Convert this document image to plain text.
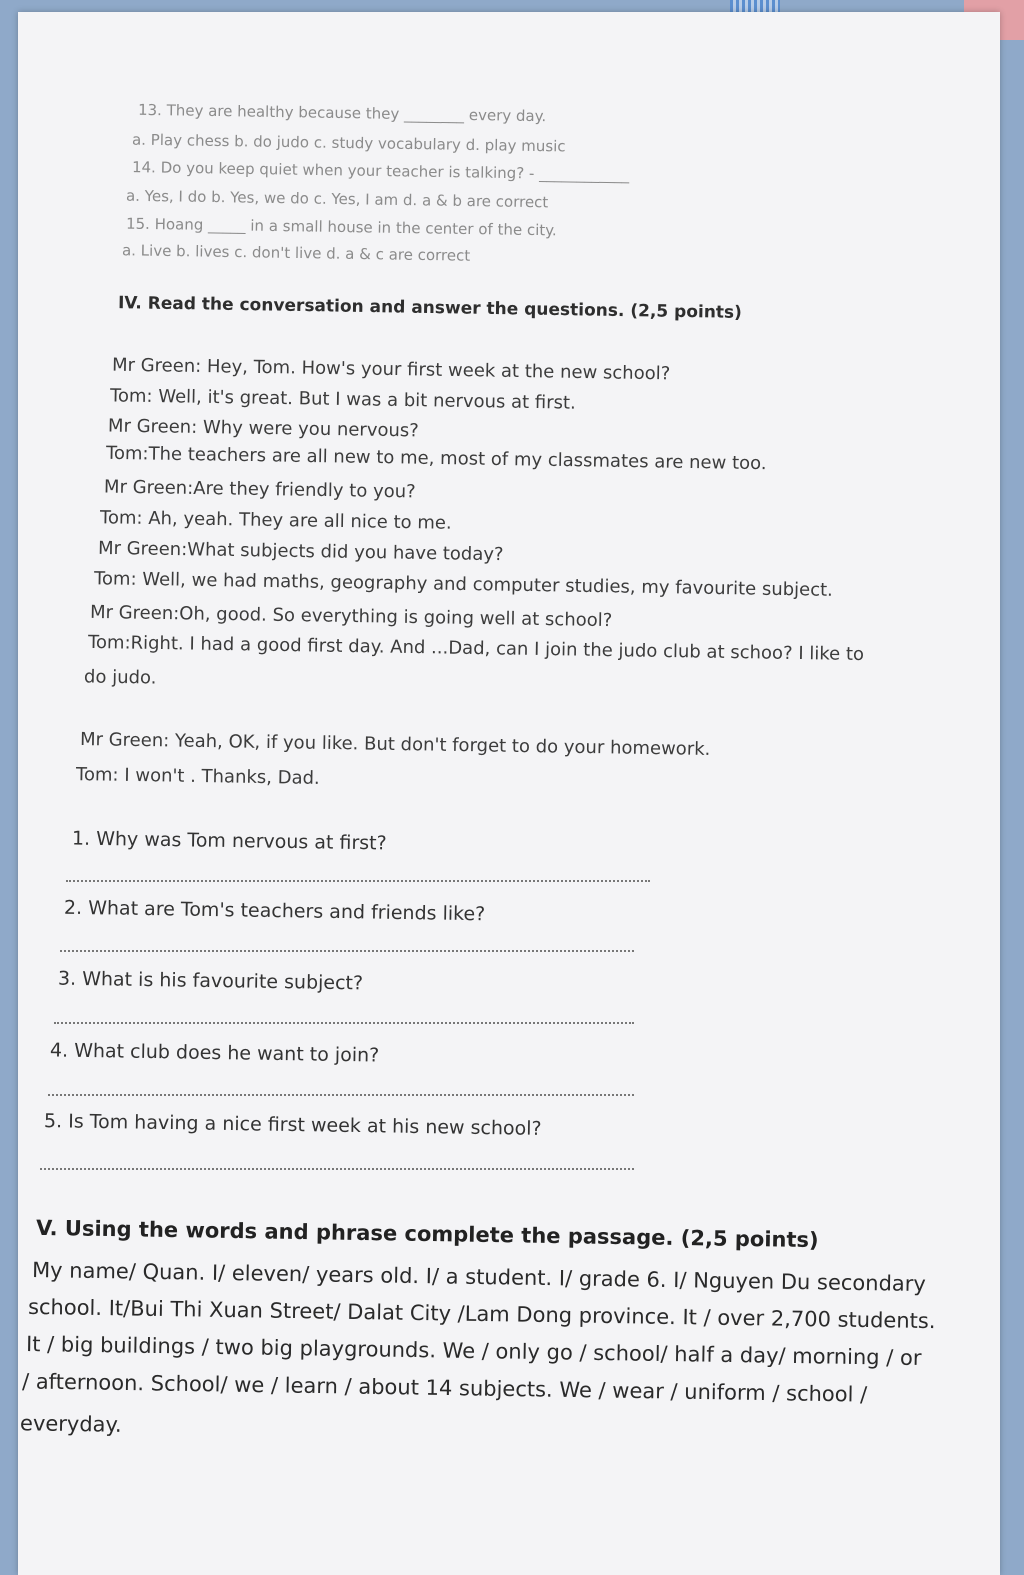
13. They are healthy because they ________ every day.
a. Play chess b. do judo c. study vocabulary d. play music
14. Do you keep quiet when your teacher is talking? - ____________
a. Yes, I do b. Yes, we do c. Yes, I am d. a & b are correct
15. Hoang _____ in a small house in the center of the city.
a. Live b. lives c. don't live d. a & c are correct
IV. Read the conversation and answer the questions. (2,5 points)
Mr Green: Hey, Tom. How's your first week at the new school?
Tom: Well, it's great. But I was a bit nervous at first.
Mr Green: Why were you nervous?
Tom:The teachers are all new to me, most of my classmates are new too.
Mr Green:Are they friendly to you?
Tom: Ah, yeah. They are all nice to me.
Mr Green:What subjects did you have today?
Tom: Well, we had maths, geography and computer studies, my favourite subject.
Mr Green:Oh, good. So everything is going well at school?
Tom:Right. I had a good first day. And ...Dad, can I join the judo club at schoo? I like to
do judo.
Mr Green: Yeah, OK, if you like. But don't forget to do your homework.
Tom: I won't . Thanks, Dad.
1. Why was Tom nervous at first?
2. What are Tom's teachers and friends like?
3. What is his favourite subject?
4. What club does he want to join?
5. Is Tom having a nice first week at his new school?
V. Using the words and phrase complete the passage. (2,5 points)
My name/ Quan. I/ eleven/ years old. I/ a student. I/ grade 6. I/ Nguyen Du secondary
school. It/Bui Thi Xuan Street/ Dalat City /Lam Dong province. It / over 2,700 students.
It / big buildings / two big playgrounds. We / only go / school/ half a day/ morning / or
/ afternoon. School/ we / learn / about 14 subjects. We / wear / uniform / school /
everyday.
